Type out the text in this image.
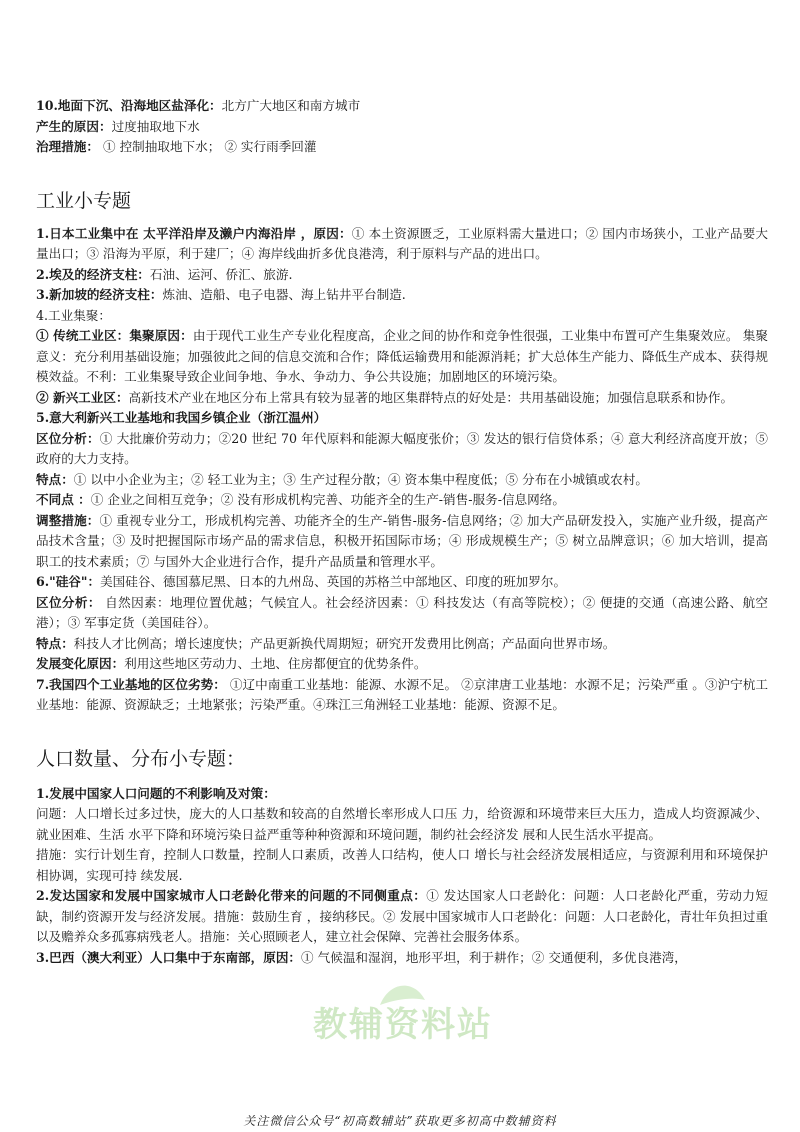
10.地面下沉、沿海地区盐泽化：北方广大地区和南方城市

产生的原因：过度抽取地下水

治理措施： ① 控制抽取地下水； ② 实行雨季回灌

工业小专题

1.日本工业集中在 太平洋沿岸及濑户内海沿岸 ，原因：① 本土资源匮乏，工业原料需大量进口；② 国内市场狭小，工业产品要大量出口；③ 沿海为平原，利于建厂；④ 海岸线曲折多优良港湾，利于原料与产品的进出口。

2.埃及的经济支柱：石油、运河、侨汇、旅游.

3.新加坡的经济支柱：炼油、造船、电子电器、海上钻井平台制造.

4.工业集聚：

① 传统工业区：集聚原因：由于现代工业生产专业化程度高，企业之间的协作和竞争性很强，工业集中布置可产生集聚效应。 集聚意义：充分利用基础设施；加强彼此之间的信息交流和合作；降低运输费用和能源消耗；扩大总体生产能力、降低生产成本、获得规模效益。不利：工业集聚导致企业间争地、争水、争动力、争公共设施；加剧地区的环境污染。

② 新兴工业区：高新技术产业在地区分布上常具有较为显著的地区集群特点的好处是：共用基础设施；加强信息联系和协作。

5.意大利新兴工业基地和我国乡镇企业（浙江温州）

区位分析：① 大批廉价劳动力；②20 世纪 70 年代原料和能源大幅度张价；③ 发达的银行信贷体系；④ 意大利经济高度开放；⑤ 政府的大力支持。

特点：① 以中小企业为主；② 轻工业为主；③ 生产过程分散；④ 资本集中程度低；⑤ 分布在小城镇或农村。

不同点 ：① 企业之间相互竞争；② 没有形成机构完善、功能齐全的生产-销售-服务-信息网络。

调整措施：① 重视专业分工，形成机构完善、功能齐全的生产-销售-服务-信息网络；② 加大产品研发投入，实施产业升级，提高产品技术含量；③ 及时把握国际市场产品的需求信息，积极开拓国际市场；④ 形成规模生产；⑤ 树立品牌意识；⑥ 加大培训，提高职工的技术素质；⑦ 与国外大企业进行合作，提升产品质量和管理水平。

6."硅谷"：美国硅谷、德国慕尼黑、日本的九州岛、英国的苏格兰中部地区、印度的班加罗尔。

区位分析： 自然因素：地理位置优越；气候宜人。社会经济因素：① 科技发达（有高等院校）；② 便捷的交通（高速公路、航空港）；③ 军事定货（美国硅谷）。

特点：科技人才比例高；增长速度快；产品更新换代周期短；研究开发费用比例高；产品面向世界市场。

发展变化原因：利用这些地区劳动力、土地、住房都便宜的优势条件。

7.我国四个工业基地的区位劣势： ①辽中南重工业基地：能源、水源不足。 ②京津唐工业基地：水源不足；污染严重 。③沪宁杭工业基地：能源、资源缺乏；土地紧张；污染严重。④珠江三角洲轻工业基地：能源、资源不足。

人口数量、分布小专题：

1.发展中国家人口问题的不利影响及对策：

问题：人口增长过多过快，庞大的人口基数和较高的自然增长率形成人口压 力，给资源和环境带来巨大压力，造成人均资源减少、就业困难、生活 水平下降和环境污染日益严重等种种资源和环境问题，制约社会经济发 展和人民生活水平提高。

措施：实行计划生育，控制人口数量，控制人口素质，改善人口结构，使人口 增长与社会经济发展相适应，与资源利用和环境保护相协调，实现可持 续发展.

2.发达国家和发展中国家城市人口老龄化带来的问题的不同侧重点：① 发达国家人口老龄化：问题：人口老龄化严重，劳动力短缺，制约资源开发与经济发展。措施：鼓励生育 ，接纳移民。② 发展中国家城市人口老龄化：问题：人口老龄化，青壮年负担过重以及赡养众多孤寡病残老人。措施：关心照顾老人，建立社会保障、完善社会服务体系。

3.巴西（澳大利亚）人口集中于东南部，原因：① 气候温和湿润，地形平坦，利于耕作；② 交通便利，多优良港湾，

教辅资料站
关注微信公众号“初高数辅站”获取更多初高中数辅资料
